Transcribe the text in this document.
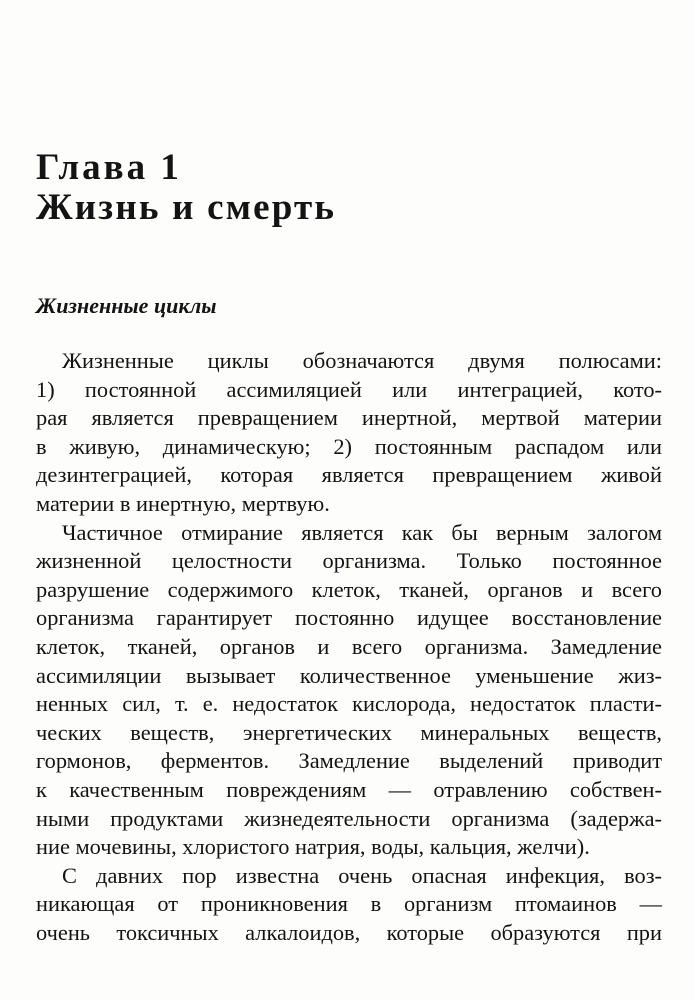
Глава 1
Жизнь и смерть
Жизненные циклы
Жизненные циклы обозначаются двумя полюсами:
1) постоянной ассимиляцией или интеграцией, кото-
рая является превращением инертной, мертвой материи
в живую, динамическую; 2) постоянным распадом или
дезинтеграцией, которая является превращением живой
материи в инертную, мертвую.
Частичное отмирание является как бы верным залогом
жизненной целостности организма. Только постоянное
разрушение содержимого клеток, тканей, органов и всего
организма гарантирует постоянно идущее восстановление
клеток, тканей, органов и всего организма. Замедление
ассимиляции вызывает количественное уменьшение жиз-
ненных сил, т. е. недостаток кислорода, недостаток пласти-
ческих веществ, энергетических минеральных веществ,
гормонов, ферментов. Замедление выделений приводит
к качественным повреждениям — отравлению собствен-
ными продуктами жизнедеятельности организма (задержа-
ние мочевины, хлористого натрия, воды, кальция, желчи).
С давних пор известна очень опасная инфекция, воз-
никающая от проникновения в организм птомаинов —
очень токсичных алкалоидов, которые образуются при
